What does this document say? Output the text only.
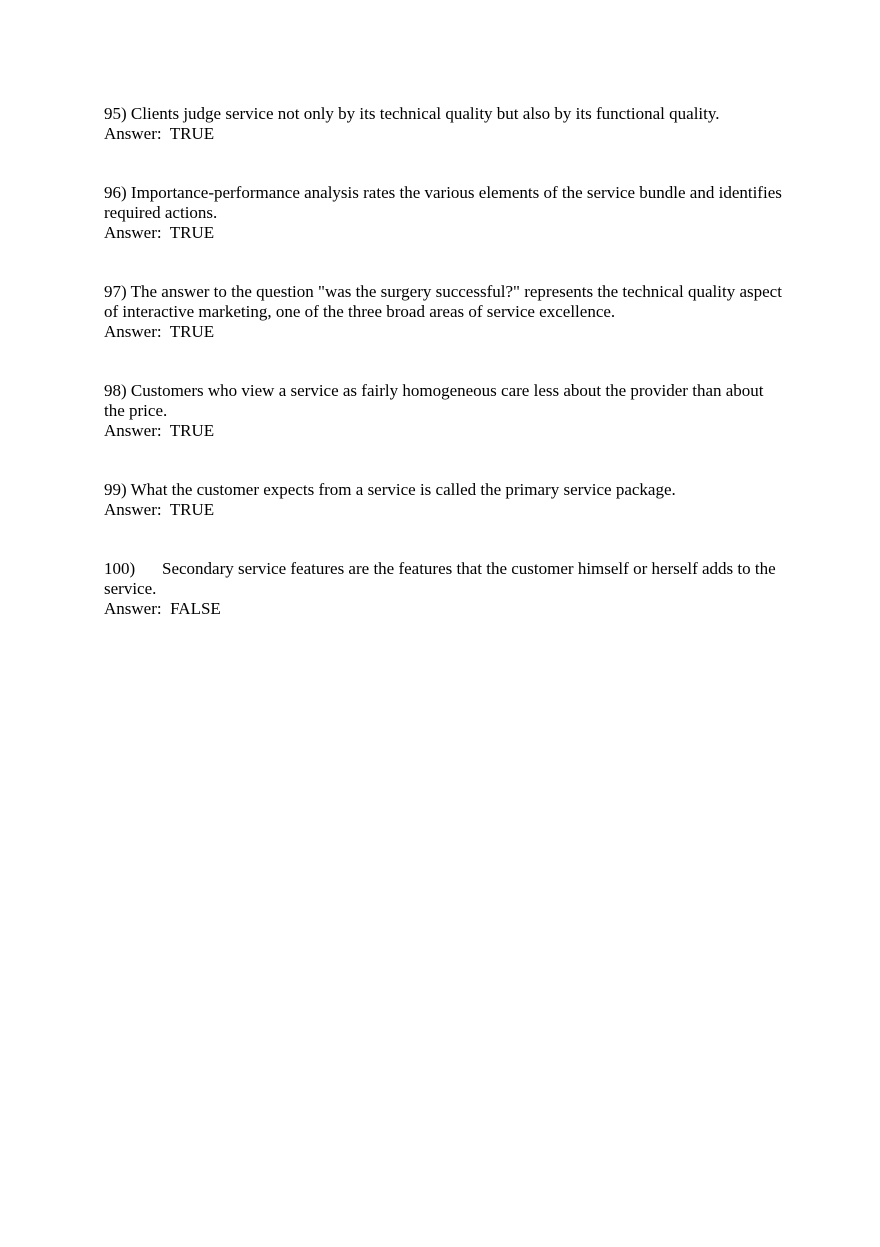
95) Clients judge service not only by its technical quality but also by its functional quality.

Answer:  TRUE

96) Importance-performance analysis rates the various elements of the service bundle and identifies required actions.

Answer:  TRUE

97) The answer to the question "was the surgery successful?" represents the technical quality aspect of interactive marketing, one of the three broad areas of service excellence.

Answer:  TRUE

98) Customers who view a service as fairly homogeneous care less about the provider than about the price.

Answer:  TRUE

99) What the customer expects from a service is called the primary service package.

Answer:  TRUE

100) Secondary service features are the features that the customer himself or herself adds to the service.

Answer:  FALSE
